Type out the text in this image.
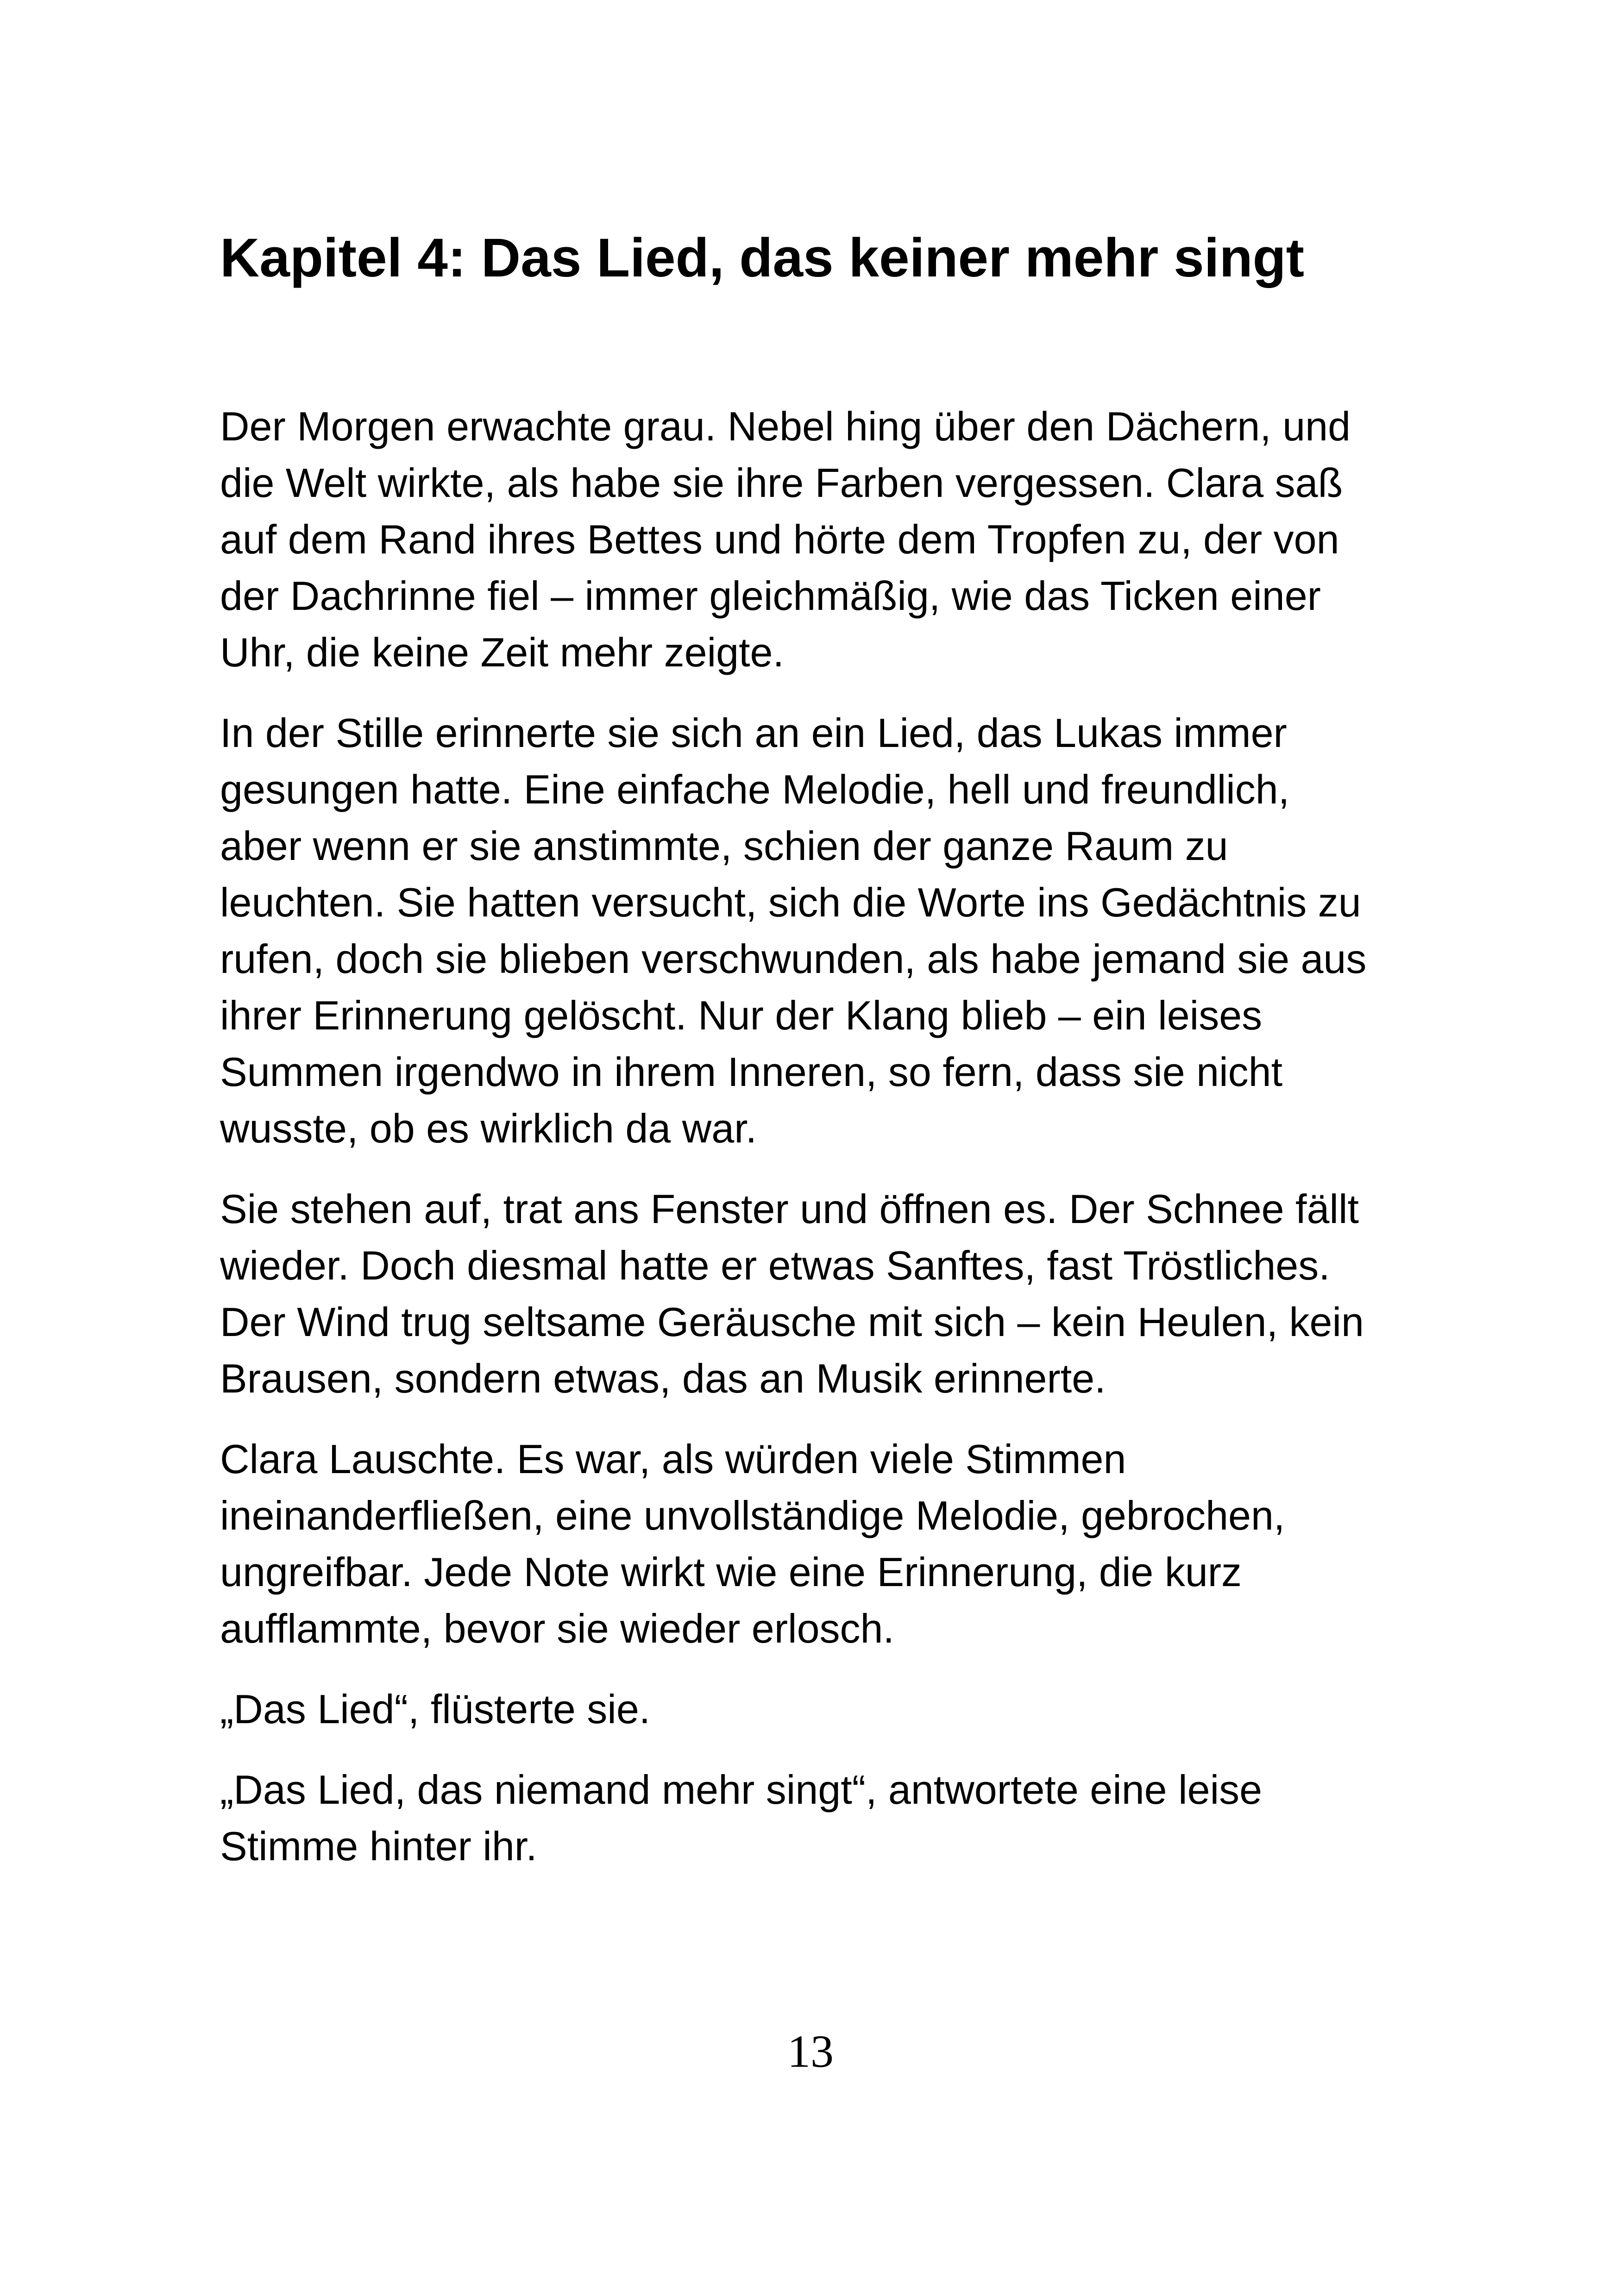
Kapitel 4: Das Lied, das keiner mehr singt

Der Morgen erwachte grau. Nebel hing über den Dächern, und
die Welt wirkte, als habe sie ihre Farben vergessen. Clara saß
auf dem Rand ihres Bettes und hörte dem Tropfen zu, der von
der Dachrinne fiel – immer gleichmäßig, wie das Ticken einer
Uhr, die keine Zeit mehr zeigte.

In der Stille erinnerte sie sich an ein Lied, das Lukas immer
gesungen hatte. Eine einfache Melodie, hell und freundlich,
aber wenn er sie anstimmte, schien der ganze Raum zu
leuchten. Sie hatten versucht, sich die Worte ins Gedächtnis zu
rufen, doch sie blieben verschwunden, als habe jemand sie aus
ihrer Erinnerung gelöscht. Nur der Klang blieb – ein leises
Summen irgendwo in ihrem Inneren, so fern, dass sie nicht
wusste, ob es wirklich da war.

Sie stehen auf, trat ans Fenster und öffnen es. Der Schnee fällt
wieder. Doch diesmal hatte er etwas Sanftes, fast Tröstliches.
Der Wind trug seltsame Geräusche mit sich – kein Heulen, kein
Brausen, sondern etwas, das an Musik erinnerte.

Clara Lauschte. Es war, als würden viele Stimmen
ineinanderfließen, eine unvollständige Melodie, gebrochen,
ungreifbar. Jede Note wirkt wie eine Erinnerung, die kurz
aufflammte, bevor sie wieder erlosch.

„Das Lied“, flüsterte sie.

„Das Lied, das niemand mehr singt“, antwortete eine leise
Stimme hinter ihr.

13
